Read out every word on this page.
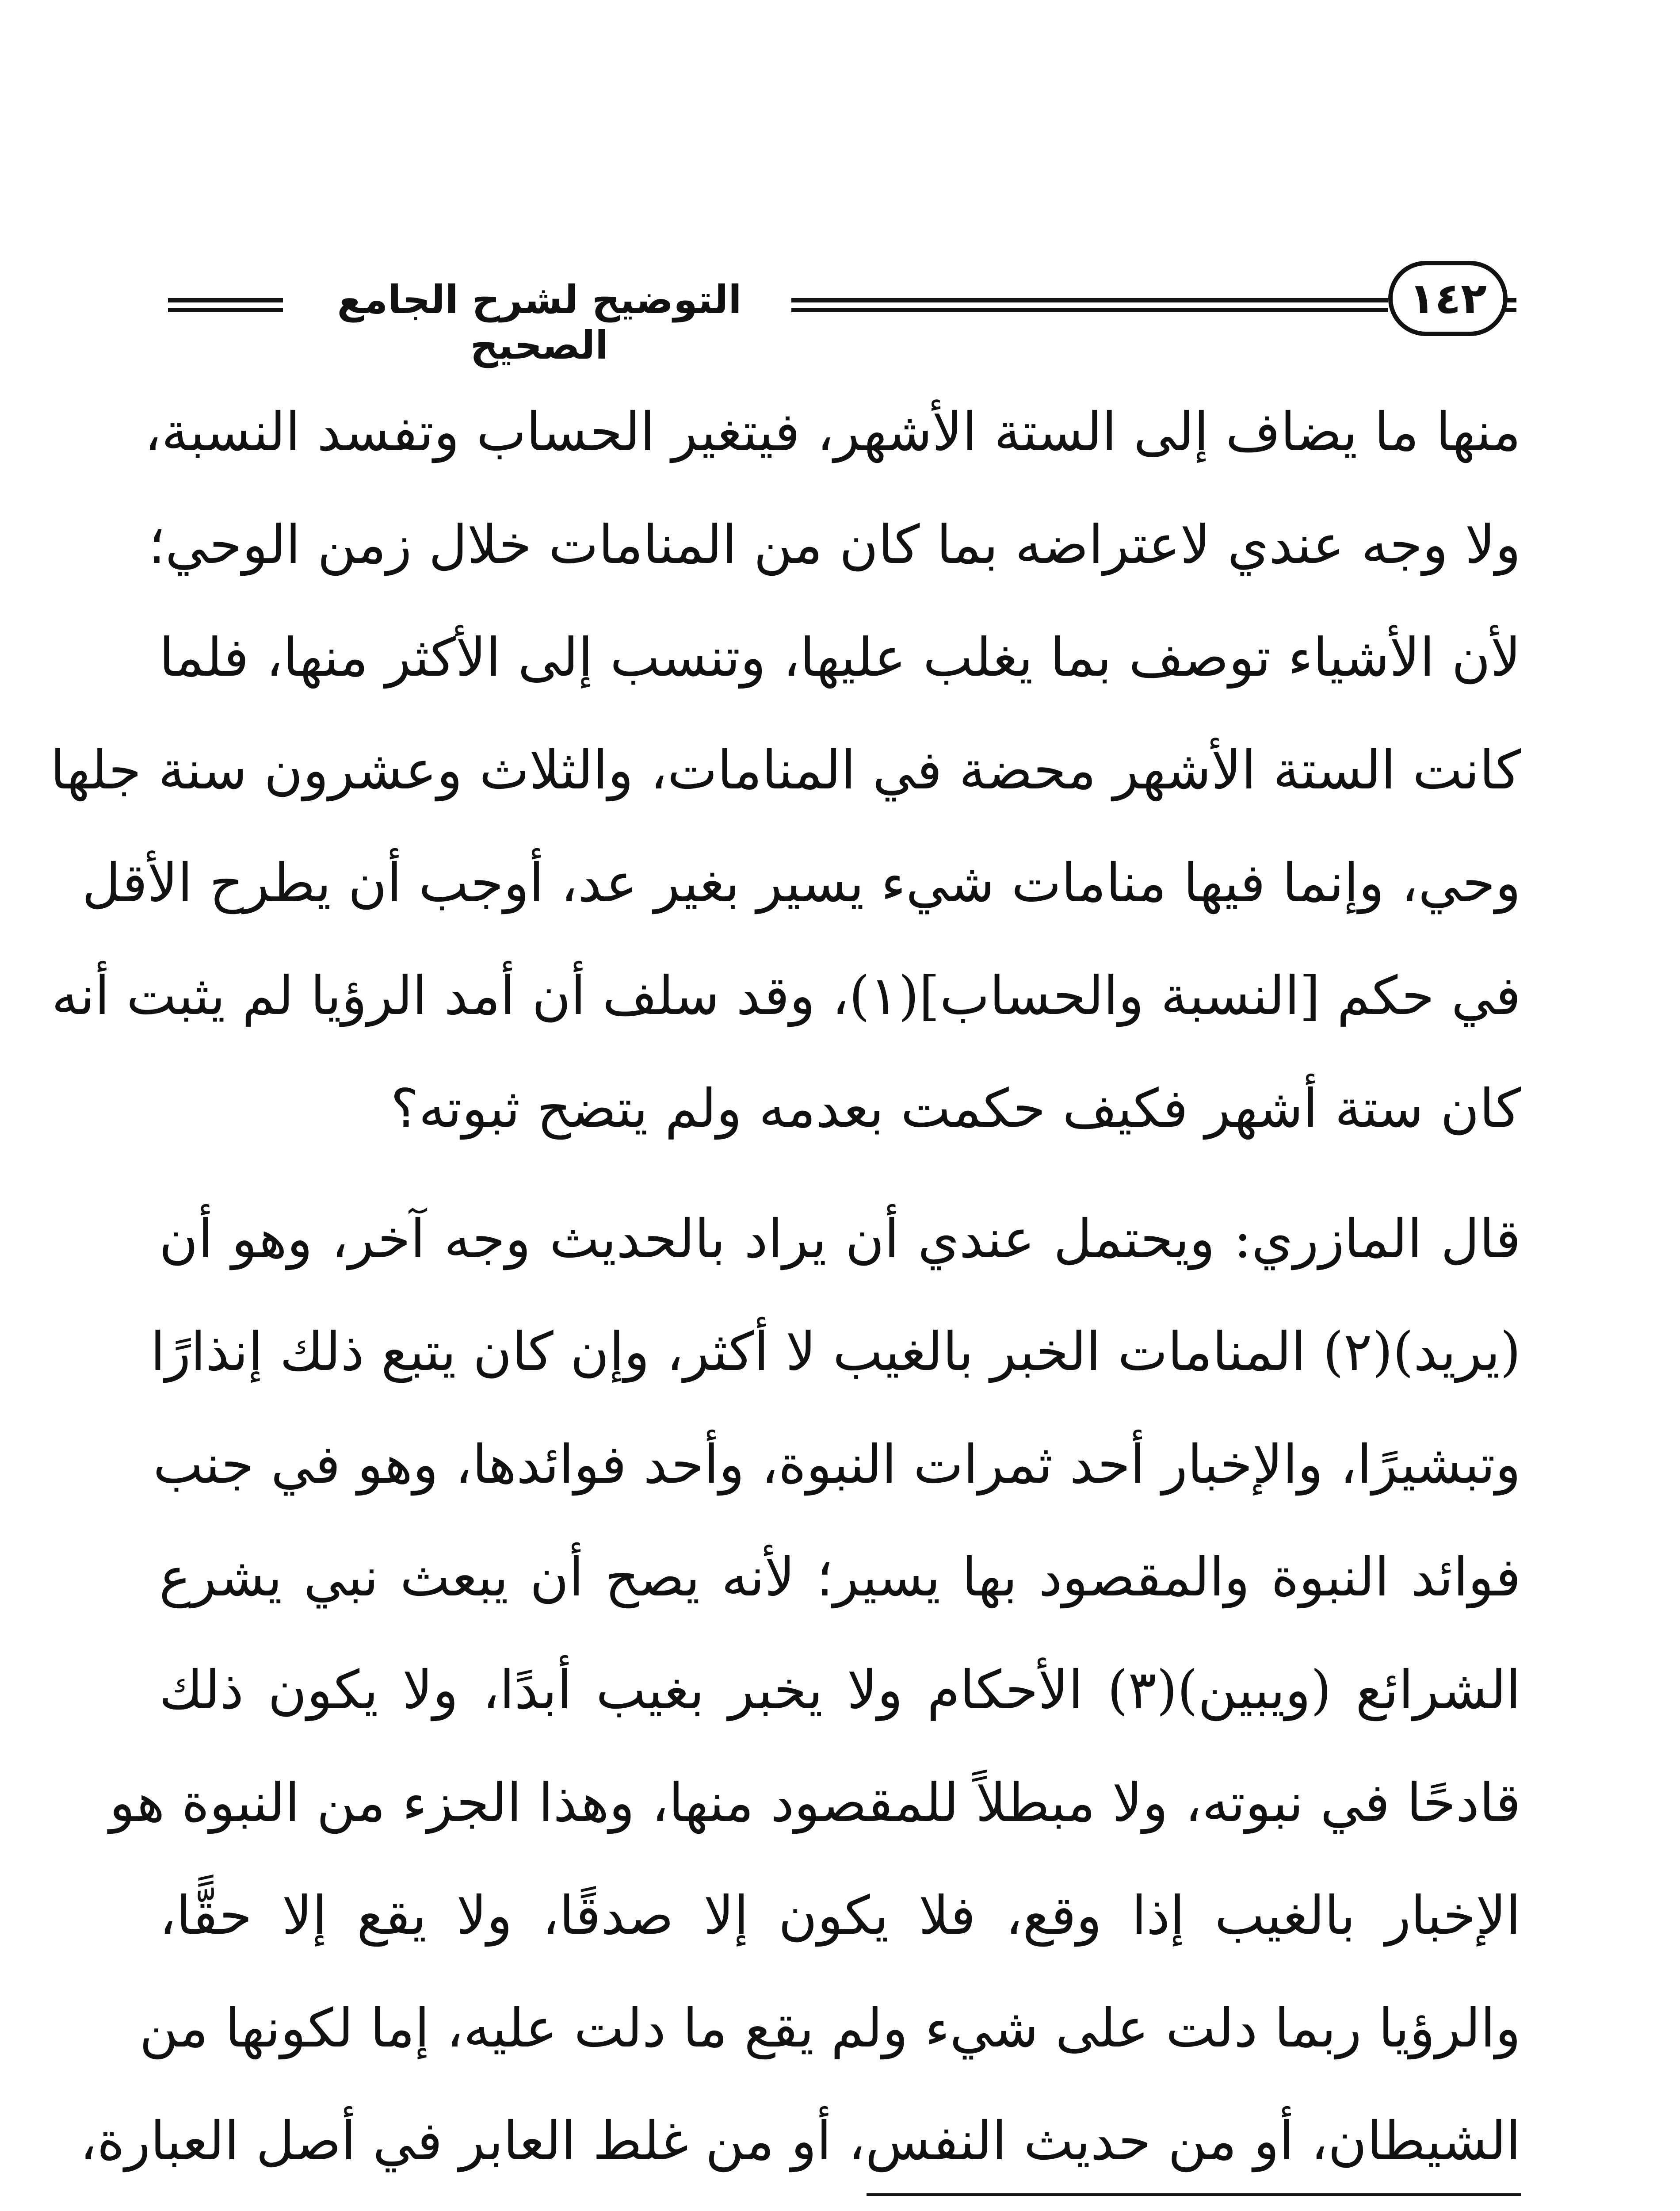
التوضيح لشرح الجامع الصحيح
١٤٢
منها ما يضاف إلى الستة الأشهر، فيتغير الحساب وتفسد النسبة،
ولا وجه عندي لاعتراضه بما كان من المنامات خلال زمن الوحي؛
لأن الأشياء توصف بما يغلب عليها، وتنسب إلى الأكثر منها، فلما
كانت الستة الأشهر محضة في المنامات، والثلاث وعشرون سنة جلها
وحي، وإنما فيها منامات شيء يسير بغير عد، أوجب أن يطرح الأقل
في حكم [النسبة والحساب](١)، وقد سلف أن أمد الرؤيا لم يثبت أنه
كان ستة أشهر فكيف حكمت بعدمه ولم يتضح ثبوته؟
قال المازري: ويحتمل عندي أن يراد بالحديث وجه آخر، وهو أن
(يريد)(٢) المنامات الخبر بالغيب لا أكثر، وإن كان يتبع ذلك إنذارًا
وتبشيرًا، والإخبار أحد ثمرات النبوة، وأحد فوائدها، وهو في جنب
فوائد النبوة والمقصود بها يسير؛ لأنه يصح أن يبعث نبي يشرع
الشرائع (ويبين)(٣) الأحكام ولا يخبر بغيب أبدًا، ولا يكون ذلك
قادحًا في نبوته، ولا مبطلاً للمقصود منها، وهذا الجزء من النبوة هو
الإخبار بالغيب إذا وقع، فلا يكون إلا صدقًا، ولا يقع إلا حقًّا،
والرؤيا ربما دلت على شيء ولم يقع ما دلت عليه، إما لكونها من
الشيطان، أو من حديث النفس، أو من غلط العابر في أصل العبارة،
